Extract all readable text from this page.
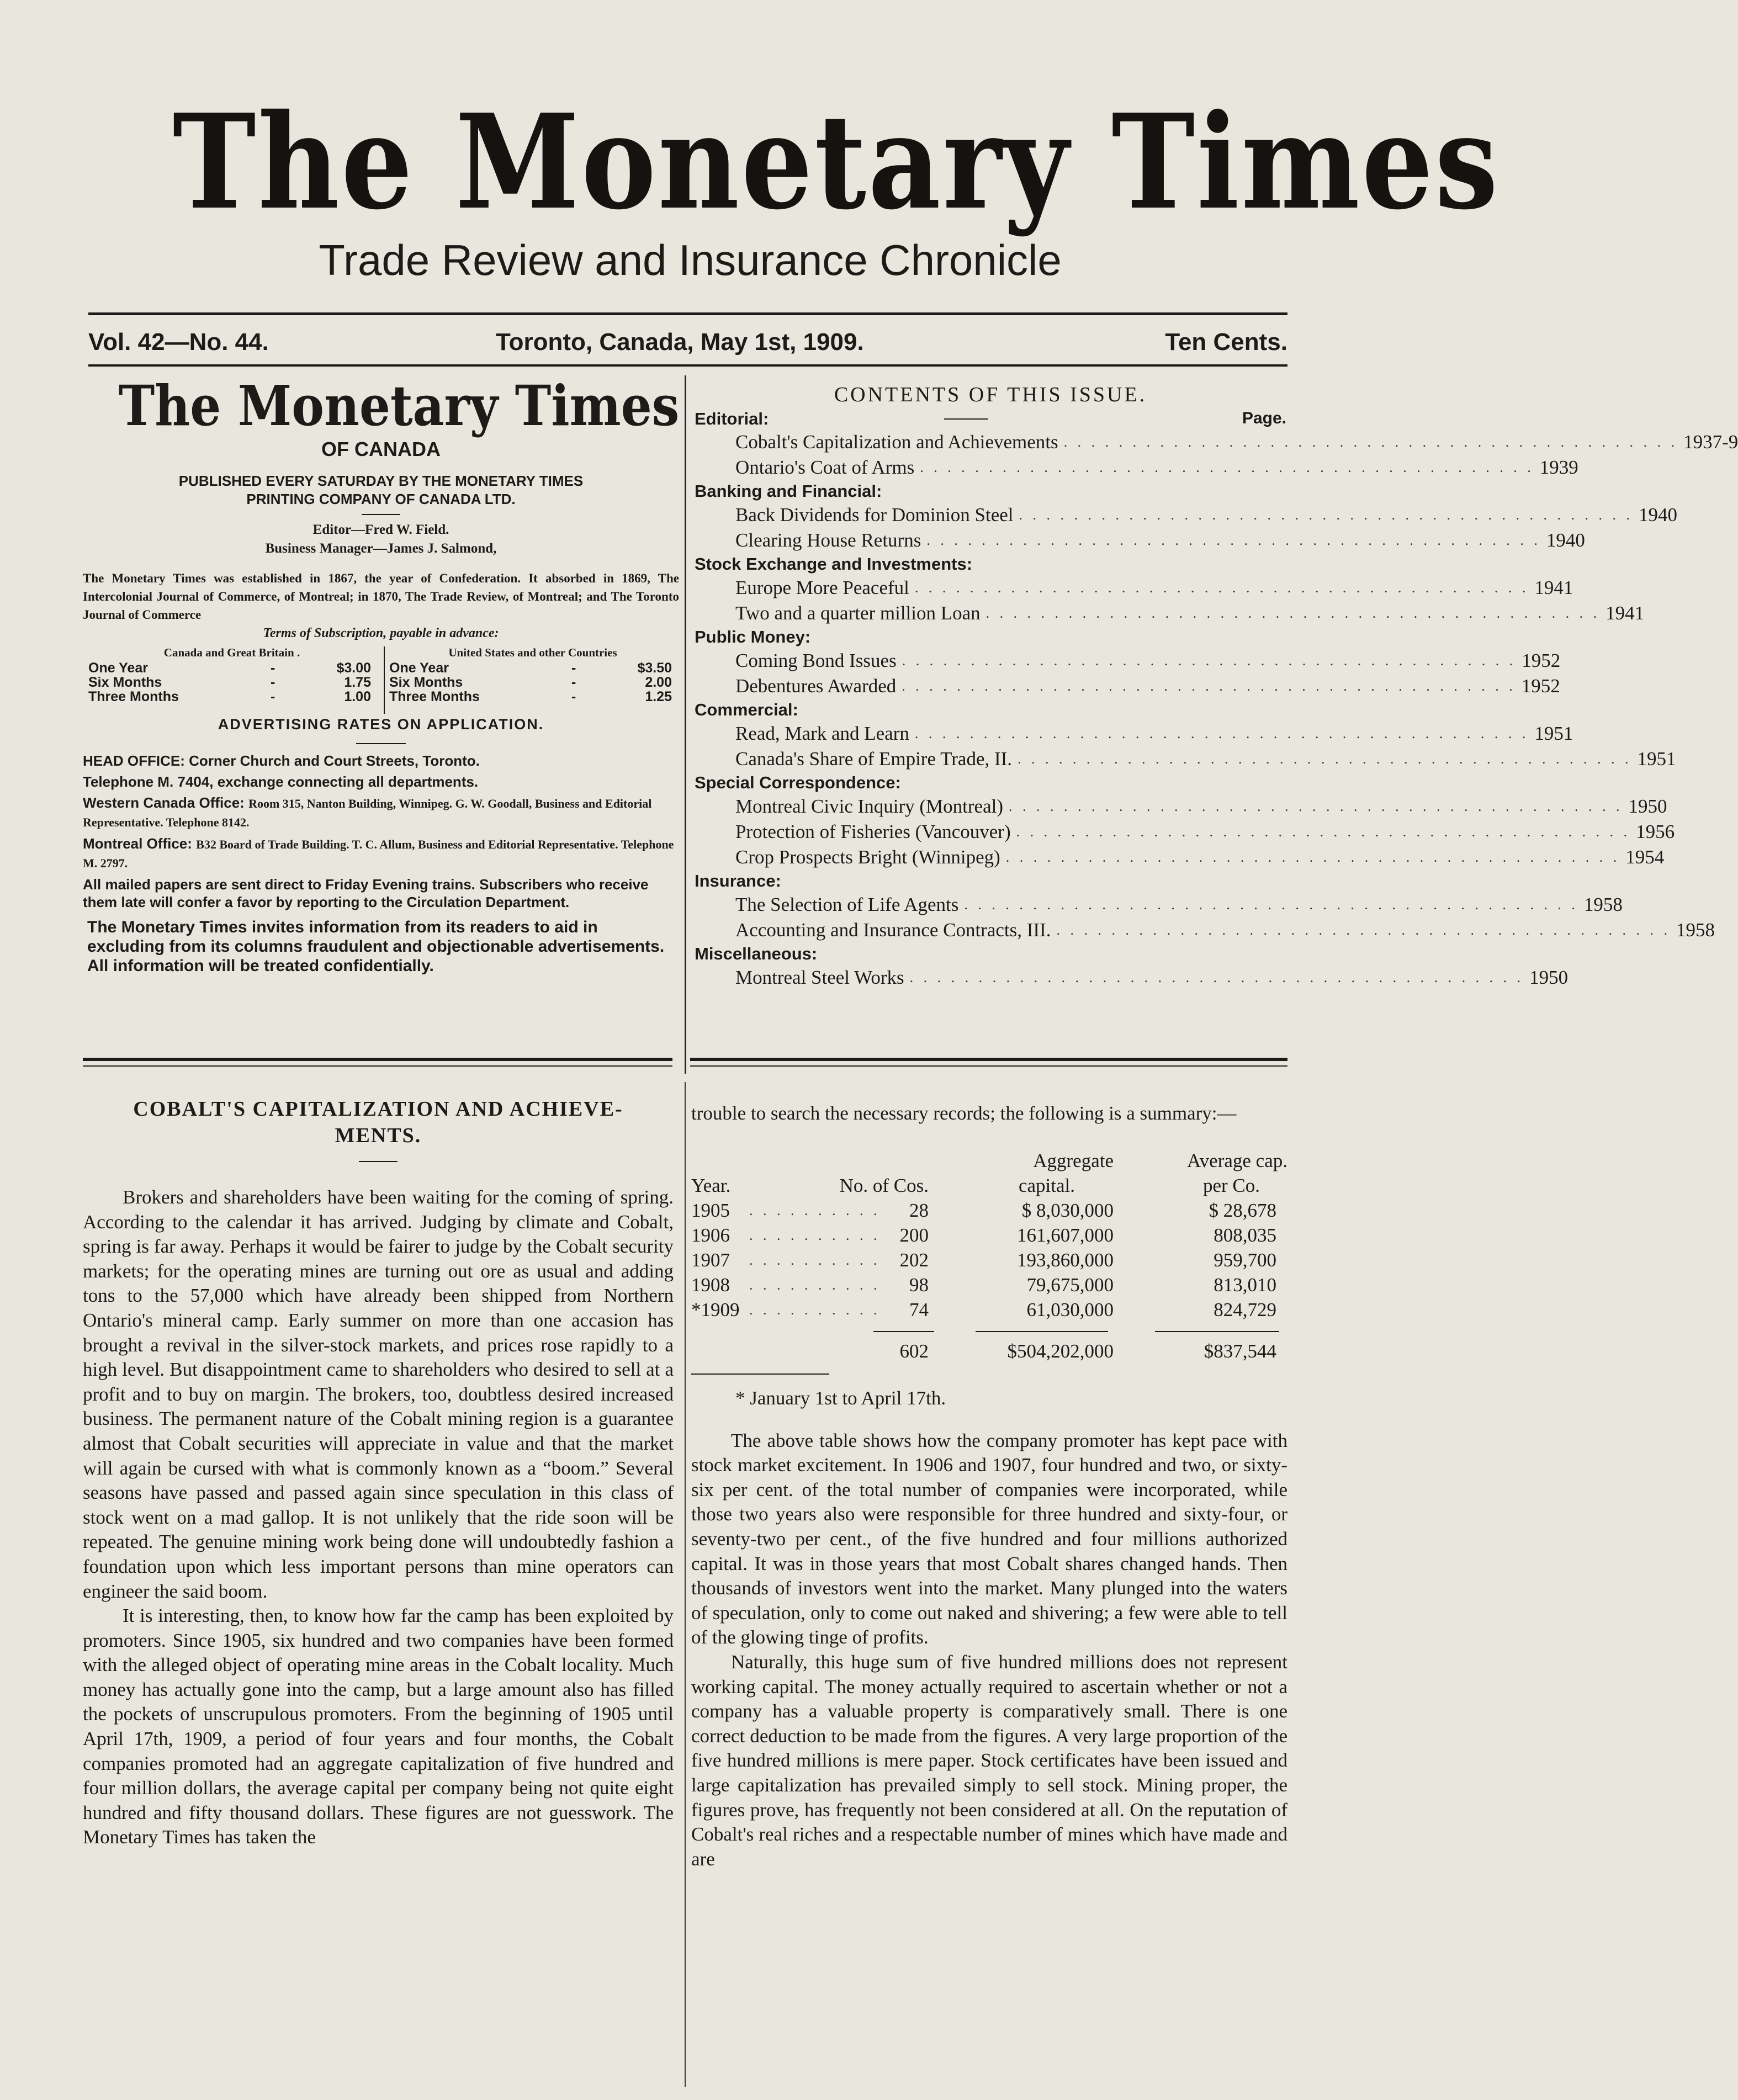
The Monetary Times
Trade Review and Insurance Chronicle
Vol. 42—No. 44.	Toronto, Canada, May 1st, 1909.	Ten Cents.
The Monetary Times
OF CANADA
PUBLISHED EVERY SATURDAY BY THE MONETARY TIMES
PRINTING COMPANY OF CANADA LTD.
Editor—Fred W. Field.
Business Manager—James J. Salmond,
The Monetary Times was established in 1867, the year of Confederation. It absorbed in 1869, The Intercolonial Journal of Commerce, of Montreal; in 1870, The Trade Review, of Montreal; and The Toronto Journal of Commerce
Terms of Subscription, payable in advance:
Canada and Great Britain .
One Year	-	$3.00
Six Months	-	1.75
Three Months	-	1.00
United States and other Countries
One Year	-	$3.50
Six Months	-	2.00
Three Months	-	1.25
ADVERTISING RATES ON APPLICATION.
HEAD OFFICE: Corner Church and Court Streets, Toronto.
Telephone M. 7404, exchange connecting all departments.
Western Canada Office: Room 315, Nanton Building, Winnipeg. G. W. Goodall, Business and Editorial Representative. Telephone 8142.
Montreal Office: B32 Board of Trade Building. T. C. Allum, Business and Editorial Representative. Telephone M. 2797.
All mailed papers are sent direct to Friday Evening trains. Subscribers who receive them late will confer a favor by reporting to the Circulation Department.
The Monetary Times invites information from its readers to aid in excluding from its columns fraudulent and objectionable advertisements. All information will be treated confidentially.
CONTENTS OF THIS ISSUE.
Editorial:	Page.
Cobalt's Capitalization and Achievements . . . . . . . . . . . . . . . . . . . . . . . . . . . . . . . . . . . . . . . . . . . . . 1937-9
Ontario's Coat of Arms . . . . . . . . . . . . . . . . . . . . . . . . . . . . . . . . . . . . . . . . . . . . . 1939
Banking and Financial:
Back Dividends for Dominion Steel . . . . . . . . . . . . . . . . . . . . . . . . . . . . . . . . . . . . . . . . . . . . . 1940
Clearing House Returns . . . . . . . . . . . . . . . . . . . . . . . . . . . . . . . . . . . . . . . . . . . . . 1940
Stock Exchange and Investments:
Europe More Peaceful . . . . . . . . . . . . . . . . . . . . . . . . . . . . . . . . . . . . . . . . . . . . . 1941
Two and a quarter million Loan . . . . . . . . . . . . . . . . . . . . . . . . . . . . . . . . . . . . . . . . . . . . . 1941
Public Money:
Coming Bond Issues . . . . . . . . . . . . . . . . . . . . . . . . . . . . . . . . . . . . . . . . . . . . . 1952
Debentures Awarded . . . . . . . . . . . . . . . . . . . . . . . . . . . . . . . . . . . . . . . . . . . . . 1952
Commercial:
Read, Mark and Learn . . . . . . . . . . . . . . . . . . . . . . . . . . . . . . . . . . . . . . . . . . . . . 1951
Canada's Share of Empire Trade, II. . . . . . . . . . . . . . . . . . . . . . . . . . . . . . . . . . . . . . . . . . . . . . 1951
Special Correspondence:
Montreal Civic Inquiry (Montreal) . . . . . . . . . . . . . . . . . . . . . . . . . . . . . . . . . . . . . . . . . . . . . 1950
Protection of Fisheries (Vancouver) . . . . . . . . . . . . . . . . . . . . . . . . . . . . . . . . . . . . . . . . . . . . . 1956
Crop Prospects Bright (Winnipeg) . . . . . . . . . . . . . . . . . . . . . . . . . . . . . . . . . . . . . . . . . . . . . 1954
Insurance:
The Selection of Life Agents . . . . . . . . . . . . . . . . . . . . . . . . . . . . . . . . . . . . . . . . . . . . . 1958
Accounting and Insurance Contracts, III. . . . . . . . . . . . . . . . . . . . . . . . . . . . . . . . . . . . . . . . . . . . . . 1958
Miscellaneous:
Montreal Steel Works . . . . . . . . . . . . . . . . . . . . . . . . . . . . . . . . . . . . . . . . . . . . . 1950
COBALT'S CAPITALIZATION AND ACHIEVE-
MENTS.

Brokers and shareholders have been waiting for the coming of spring. According to the calendar it has arrived. Judging by climate and Cobalt, spring is far away. Perhaps it would be fairer to judge by the Cobalt security markets; for the operating mines are turning out ore as usual and adding tons to the 57,000 which have already been shipped from Northern Ontario's mineral camp. Early summer on more than one accasion has brought a revival in the silver-stock markets, and prices rose rapidly to a high level. But disappointment came to shareholders who desired to sell at a profit and to buy on margin. The brokers, too, doubtless desired increased business. The permanent nature of the Cobalt mining region is a guarantee almost that Cobalt securities will appreciate in value and that the market will again be cursed with what is commonly known as a “boom.” Several seasons have passed and passed again since speculation in this class of stock went on a mad gallop. It is not unlikely that the ride soon will be repeated. The genuine mining work being done will undoubtedly fashion a foundation upon which less important persons than mine operators can engineer the said boom.

It is interesting, then, to know how far the camp has been exploited by promoters. Since 1905, six hundred and two companies have been formed with the alleged object of operating mine areas in the Cobalt locality. Much money has actually gone into the camp, but a large amount also has filled the pockets of unscrupulous promoters. From the beginning of 1905 until April 17th, 1909, a period of four years and four months, the Cobalt companies promoted had an aggregate capitalization of five hundred and four million dollars, the average capital per company being not quite eight hundred and fifty thousand dollars. These figures are not guesswork. The Monetary Times has taken the

trouble to search the necessary records; the following is a summary:—

Aggregate	Average cap.
Year.	No. of Cos.	capital.	per Co.
1905 . . . . . . . . . . 28	$ 8,030,000	$ 28,678
1906 . . . . . . . . . . 200	161,607,000	808,035
1907 . . . . . . . . . . 202	193,860,000	959,700
1908 . . . . . . . . . . 98	79,675,000	813,010
*1909 . . . . . . . . . . 74	61,030,000	824,729
602	$504,202,000	$837,544
* January 1st to April 17th.

The above table shows how the company promoter has kept pace with stock market excitement. In 1906 and 1907, four hundred and two, or sixty-six per cent. of the total number of companies were incorporated, while those two years also were responsible for three hundred and sixty-four, or seventy-two per cent., of the five hundred and four millions authorized capital. It was in those years that most Cobalt shares changed hands. Then thousands of investors went into the market. Many plunged into the waters of speculation, only to come out naked and shivering; a few were able to tell of the glowing tinge of profits.

Naturally, this huge sum of five hundred millions does not represent working capital. The money actually required to ascertain whether or not a company has a valuable property is comparatively small. There is one correct deduction to be made from the figures. A very large proportion of the five hundred millions is mere paper. Stock certificates have been issued and large capitalization has prevailed simply to sell stock. Mining proper, the figures prove, has frequently not been considered at all. On the reputation of Cobalt's real riches and a respectable number of mines which have made and are
